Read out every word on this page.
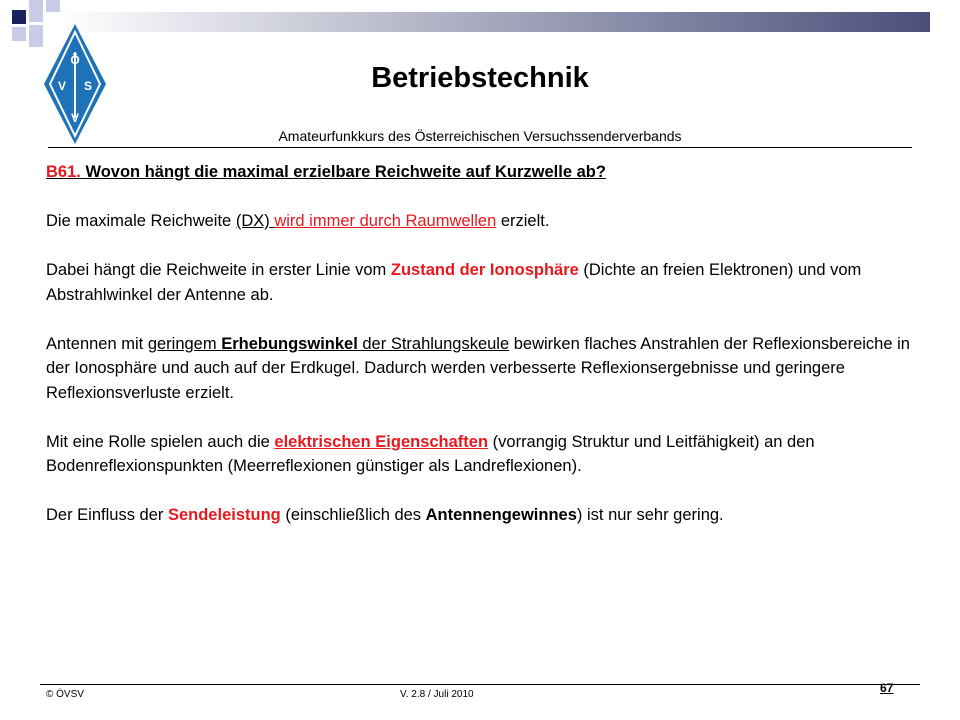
Ö
V S
V
Betriebstechnik
Amateurfunkkurs des Österreichischen Versuchssenderverbands

B61. Wovon hängt die maximal erzielbare Reichweite auf Kurzwelle ab?

Die maximale Reichweite (DX) wird immer durch Raumwellen erzielt.

Dabei hängt die Reichweite in erster Linie vom Zustand der Ionosphäre (Dichte an freien Elektronen) und vom Abstrahlwinkel der Antenne ab.

Antennen mit geringem Erhebungswinkel der Strahlungskeule bewirken flaches Anstrahlen der Reflexionsbereiche in der Ionosphäre und auch auf der Erdkugel. Dadurch werden verbesserte Reflexionsergebnisse und geringere Reflexionsverluste erzielt.

Mit eine Rolle spielen auch die elektrischen Eigenschaften (vorrangig Struktur und Leitfähigkeit) an den Bodenreflexionspunkten (Meerreflexionen günstiger als Landreflexionen).

Der Einfluss der Sendeleistung (einschließlich des Antennengewinnes) ist nur sehr gering.

© ÖVSV	V. 2.8 / Juli 2010	67
